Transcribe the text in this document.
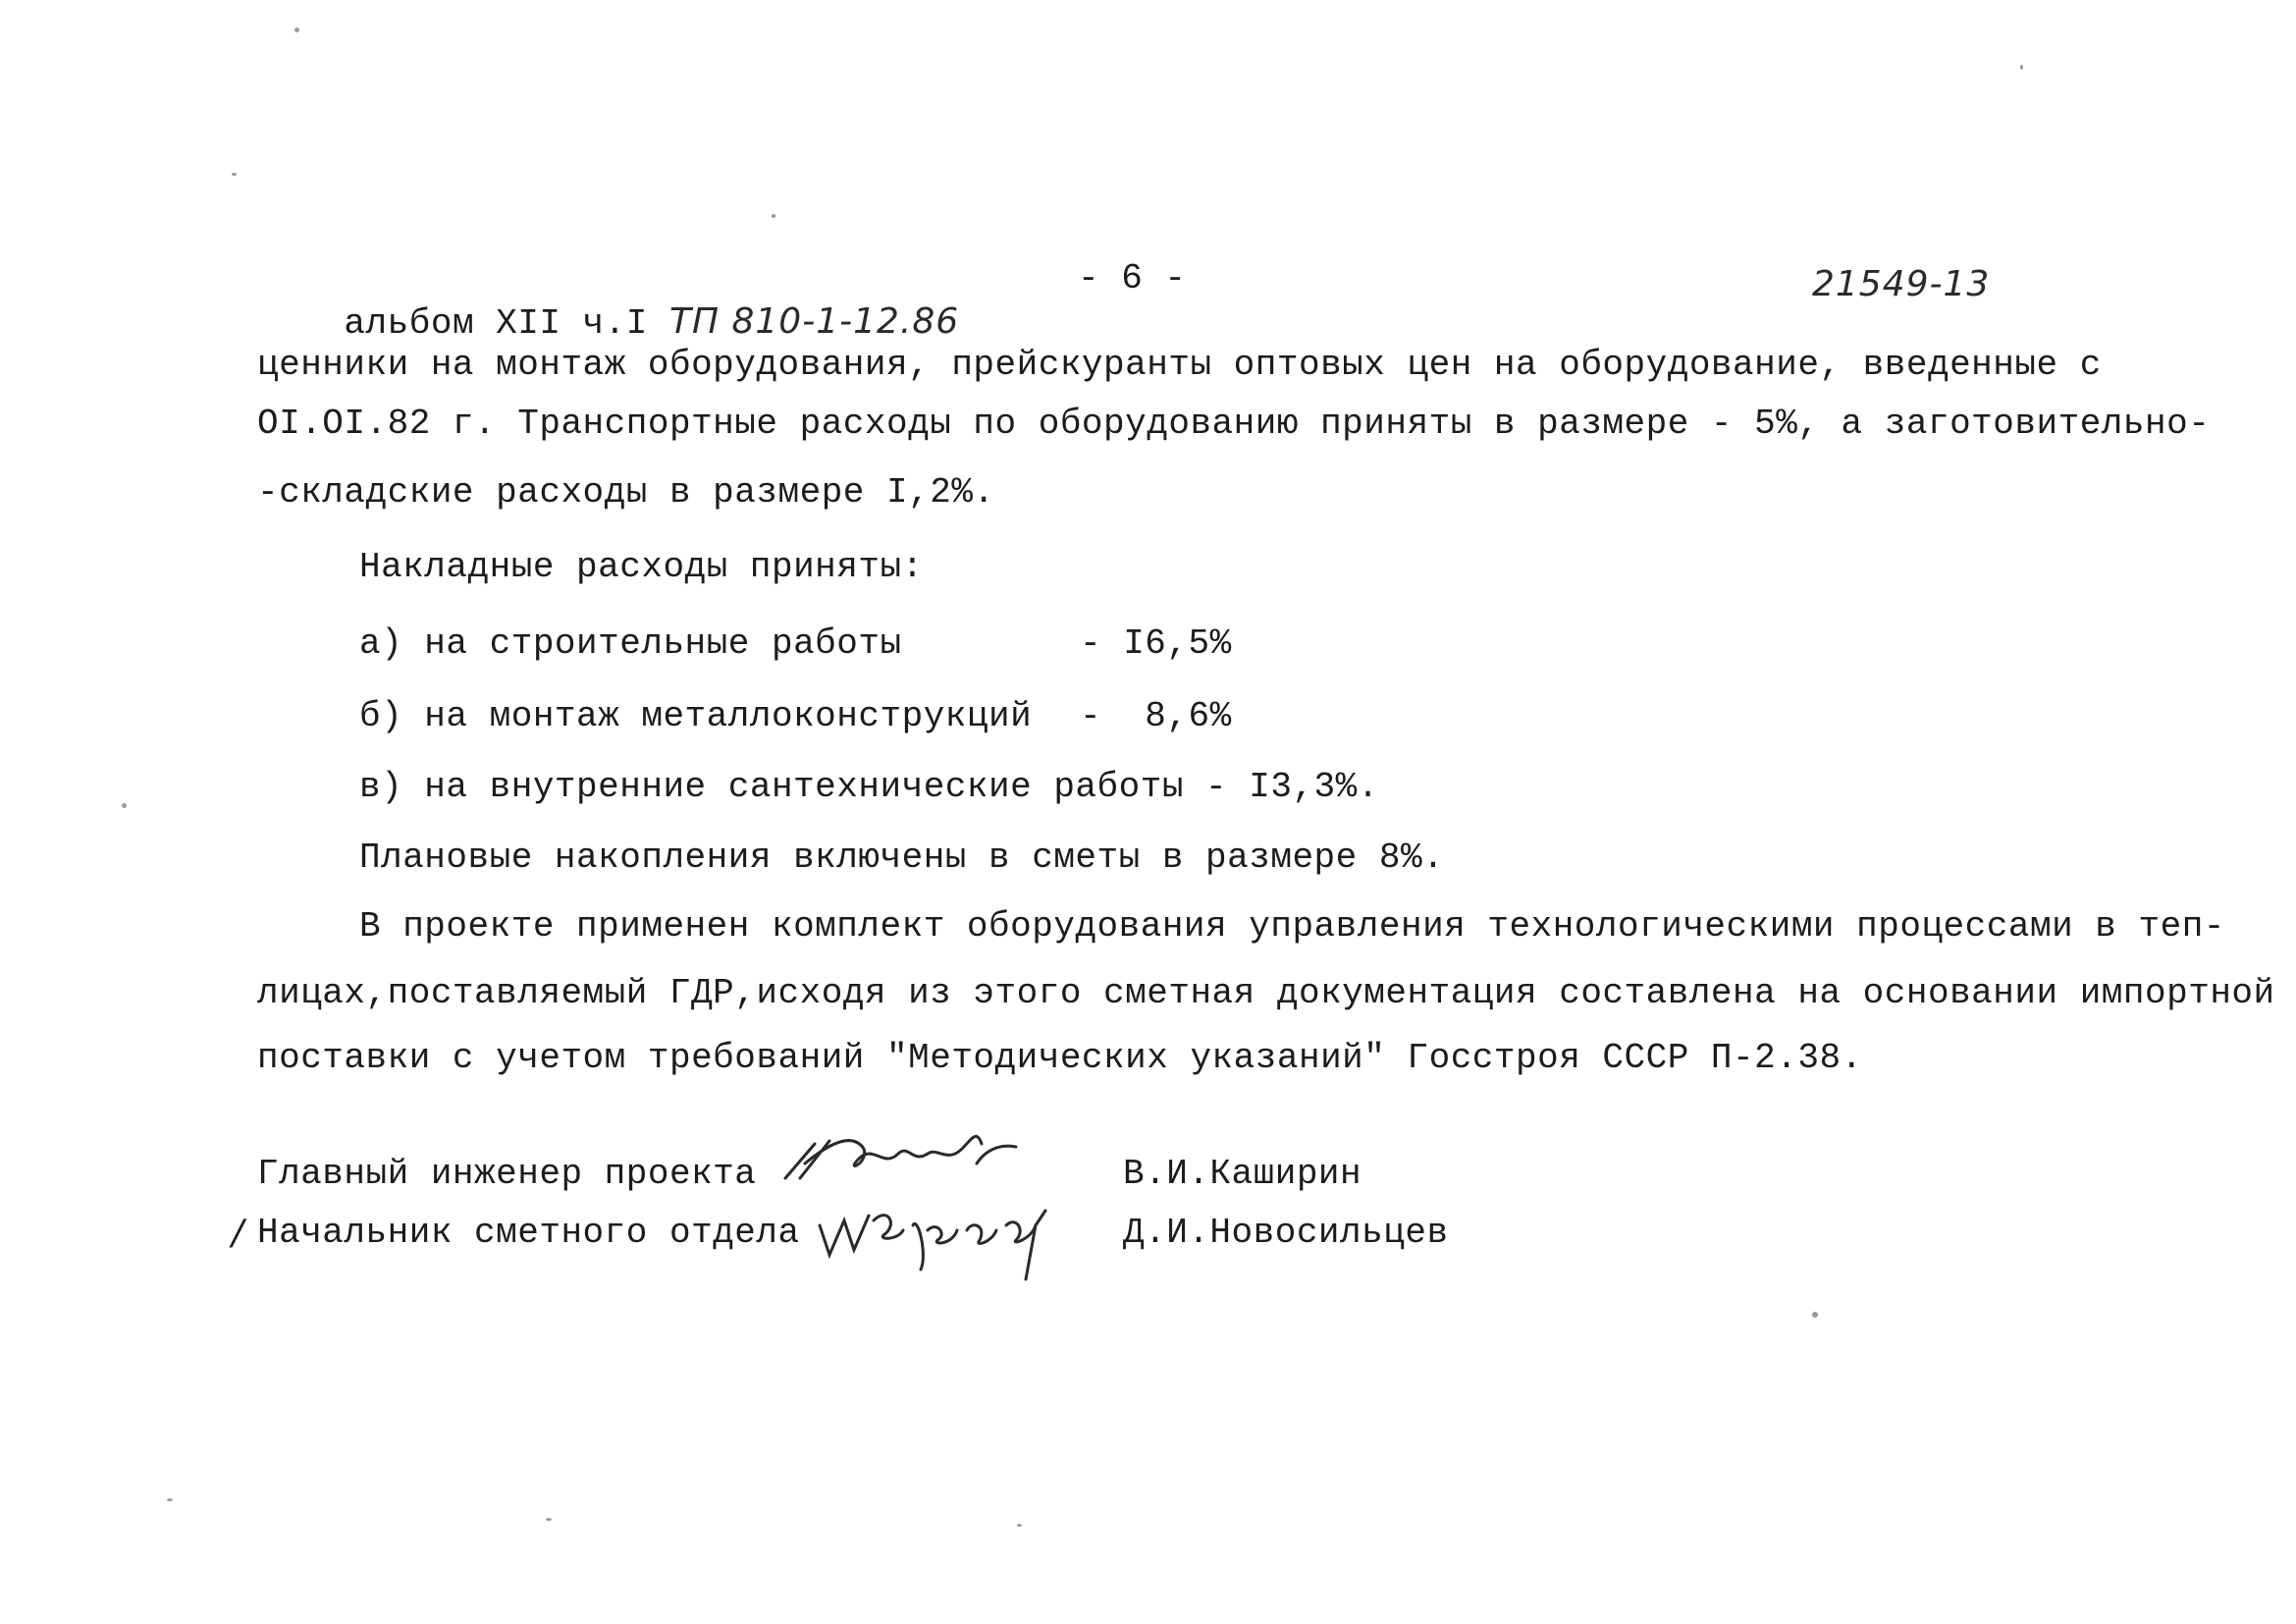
альбом XII ч.I ТП 810-1-12.86

- 6 -	21549-13
ценники на монтаж оборудования, прейскуранты оптовых цен на оборудование, введенные с
OI.OI.82 г. Транспортные расходы по оборудованию приняты в размере - 5%, а заготовительно-
-складские расходы в размере I,2%.
Накладные расходы приняты:
а) на строительные работы	- I6,5%
б) на монтаж металлоконструкций -  8,6%
в) на внутренние сантехнические работы - I3,3%.
Плановые накопления включены в сметы в размере 8%.
В проекте применен комплект оборудования управления технологическими процессами в теп-
лицах,поставляемый ГДР,исходя из этого сметная документация составлена на основании импортной
поставки с учетом требований "Методических указаний" Госстроя СССР П-2.38.
Главный инженер проекта	В.И.Каширин
/ Начальник сметного отдела	Д.И.Новосильцев
